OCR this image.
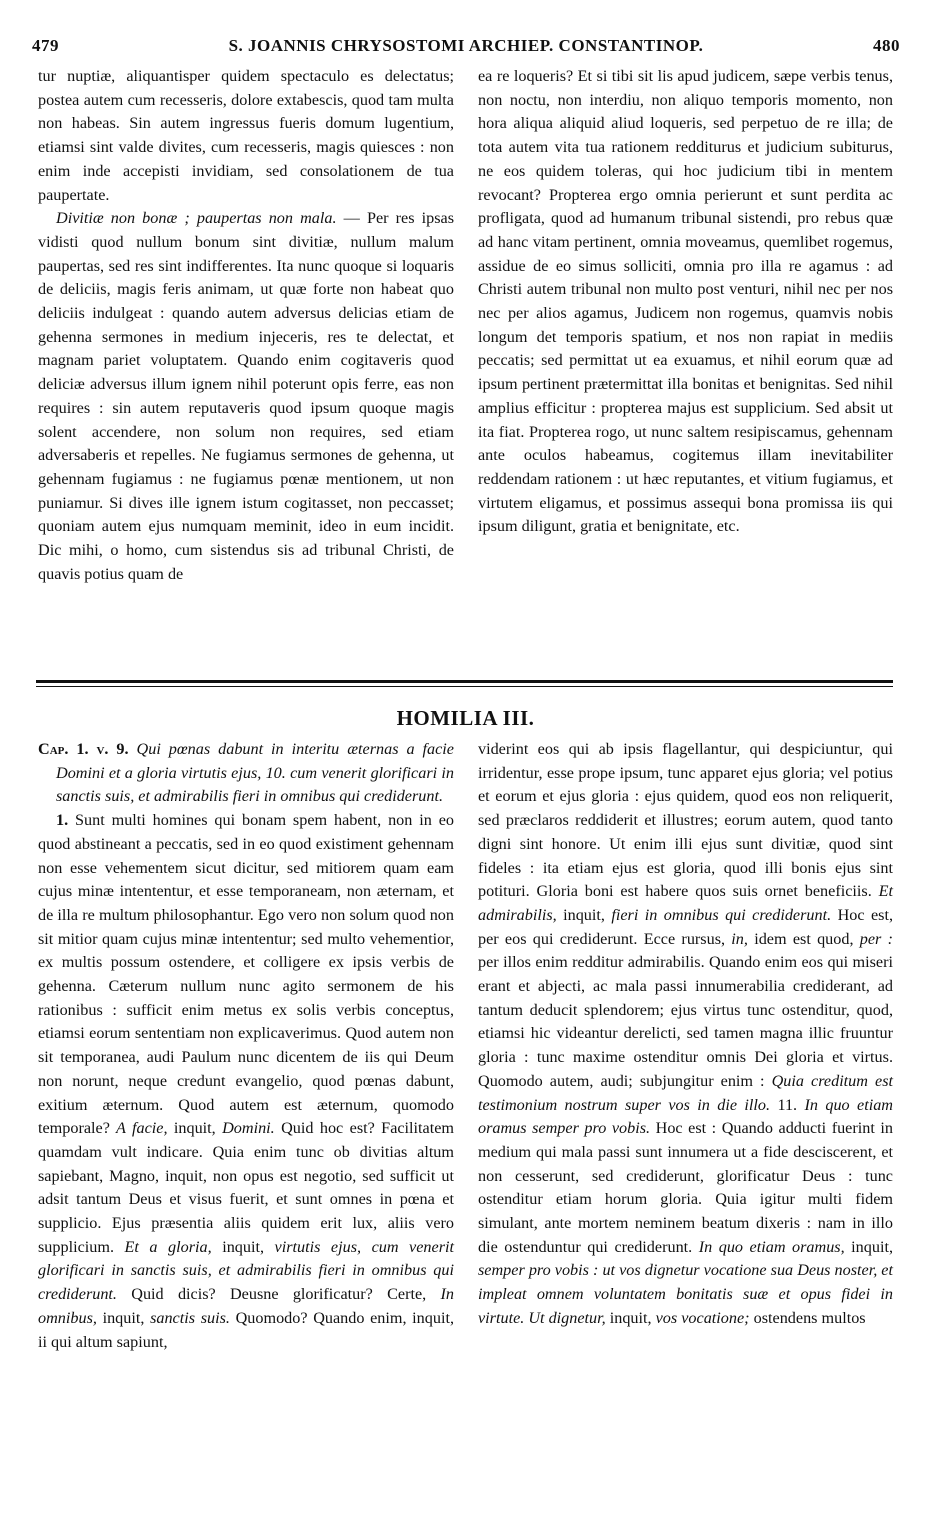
479	S. JOANNIS CHRYSOSTOMI ARCHIEP. CONSTANTINOP.	480

tur nuptiæ, aliquantisper quidem spectaculo es delectatus; postea autem cum recesseris, dolore extabescis, quod tam multa non habeas. Sin autem ingressus fueris domum lugentium, etiamsi sint valde divites, cum recesseris, magis quiesces : non enim inde accepisti invidiam, sed consolationem de tua paupertate.

Divitiæ non bonæ ; paupertas non mala. — Per res ipsas vidisti quod nullum bonum sint divitiæ, nullum malum paupertas, sed res sint indifferentes. Ita nunc quoque si loquaris de deliciis, magis feris animam, ut quæ forte non habeat quo deliciis indulgeat : quando autem adversus delicias etiam de gehenna sermones in medium injeceris, res te delectat, et magnam pariet voluptatem. Quando enim cogitaveris quod deliciæ adversus illum ignem nihil poterunt opis ferre, eas non requires : sin autem reputaveris quod ipsum quoque magis solent accendere, non solum non requires, sed etiam adversaberis et repelles. Ne fugiamus sermones de gehenna, ut gehennam fugiamus : ne fugiamus pœnæ mentionem, ut non puniamur. Si dives ille ignem istum cogitasset, non peccasset; quoniam autem ejus numquam meminit, ideo in eum incidit. Dic mihi, o homo, cum sistendus sis ad tribunal Christi, de quavis potius quam de

ea re loqueris? Et si tibi sit lis apud judicem, sæpe verbis tenus, non noctu, non interdiu, non aliquo temporis momento, non hora aliqua aliquid aliud loqueris, sed perpetuo de re illa; de tota autem vita tua rationem redditurus et judicium subiturus, ne eos quidem toleras, qui hoc judicium tibi in mentem revocant? Propterea ergo omnia perierunt et sunt perdita ac profligata, quod ad humanum tribunal sistendi, pro rebus quæ ad hanc vitam pertinent, omnia moveamus, quemlibet rogemus, assidue de eo simus solliciti, omnia pro illa re agamus : ad Christi autem tribunal non multo post venturi, nihil nec per nos nec per alios agamus, Judicem non rogemus, quamvis nobis longum det temporis spatium, et nos non rapiat in mediis peccatis; sed permittat ut ea exuamus, et nihil eorum quæ ad ipsum pertinent prætermittat illa bonitas et benignitas. Sed nihil amplius efficitur : propterea majus est supplicium. Sed absit ut ita fiat. Propterea rogo, ut nunc saltem resipiscamus, gehennam ante oculos habeamus, cogitemus illam inevitabiliter reddendam rationem : ut hæc reputantes, et vitium fugiamus, et virtutem eligamus, et possimus assequi bona promissa iis qui ipsum diligunt, gratia et benignitate, etc.

HOMILIA III.

Cap. 1. v. 9. Qui pœnas dabunt in interitu æternas a facie Domini et a gloria virtutis ejus, 10. cum venerit glorificari in sanctis suis, et admirabilis fieri in omnibus qui crediderunt.

1. Sunt multi homines qui bonam spem habent, non in eo quod abstineant a peccatis, sed in eo quod existiment gehennam non esse vehementem sicut dicitur, sed mitiorem quam eam cujus minæ intententur, et esse temporaneam, non æternam, et de illa re multum philosophantur. Ego vero non solum quod non sit mitior quam cujus minæ intententur; sed multo vehementior, ex multis possum ostendere, et colligere ex ipsis verbis de gehenna. Cæterum nullum nunc agito sermonem de his rationibus : sufficit enim metus ex solis verbis conceptus, etiamsi eorum sententiam non explicaverimus. Quod autem non sit temporanea, audi Paulum nunc dicentem de iis qui Deum non norunt, neque credunt evangelio, quod pœnas dabunt, exitium æternum. Quod autem est æternum, quomodo temporale? A facie, inquit, Domini. Quid hoc est? Facilitatem quamdam vult indicare. Quia enim tunc ob divitias altum sapiebant, Magno, inquit, non opus est negotio, sed sufficit ut adsit tantum Deus et visus fuerit, et sunt omnes in pœna et supplicio. Ejus præsentia aliis quidem erit lux, aliis vero supplicium. Et a gloria, inquit, virtutis ejus, cum venerit glorificari in sanctis suis, et admirabilis fieri in omnibus qui crediderunt. Quid dicis? Deusne glorificatur? Certe, In omnibus, inquit, sanctis suis. Quomodo? Quando enim, inquit, ii qui altum sapiunt,

viderint eos qui ab ipsis flagellantur, qui despiciuntur, qui irridentur, esse prope ipsum, tunc apparet ejus gloria; vel potius et eorum et ejus gloria : ejus quidem, quod eos non reliquerit, sed præclaros reddiderit et illustres; eorum autem, quod tanto digni sint honore. Ut enim illi ejus sunt divitiæ, quod sint fideles : ita etiam ejus est gloria, quod illi bonis ejus sint potituri. Gloria boni est habere quos suis ornet beneficiis. Et admirabilis, inquit, fieri in omnibus qui crediderunt. Hoc est, per eos qui crediderunt. Ecce rursus, in, idem est quod, per : per illos enim redditur admirabilis. Quando enim eos qui miseri erant et abjecti, ac mala passi innumerabilia crediderant, ad tantum deducit splendorem; ejus virtus tunc ostenditur, quod, etiamsi hic videantur derelicti, sed tamen magna illic fruuntur gloria : tunc maxime ostenditur omnis Dei gloria et virtus. Quomodo autem, audi; subjungitur enim : Quia creditum est testimonium nostrum super vos in die illo. 11. In quo etiam oramus semper pro vobis. Hoc est : Quando adducti fuerint in medium qui mala passi sunt innumera ut a fide desciscerent, et non cesserunt, sed crediderunt, glorificatur Deus : tunc ostenditur etiam horum gloria. Quia igitur multi fidem simulant, ante mortem neminem beatum dixeris : nam in illo die ostenduntur qui crediderunt. In quo etiam oramus, inquit, semper pro vobis : ut vos dignetur vocatione sua Deus noster, et impleat omnem voluntatem bonitatis suæ et opus fidei in virtute. Ut dignetur, inquit, vos vocatione; ostendens multos
